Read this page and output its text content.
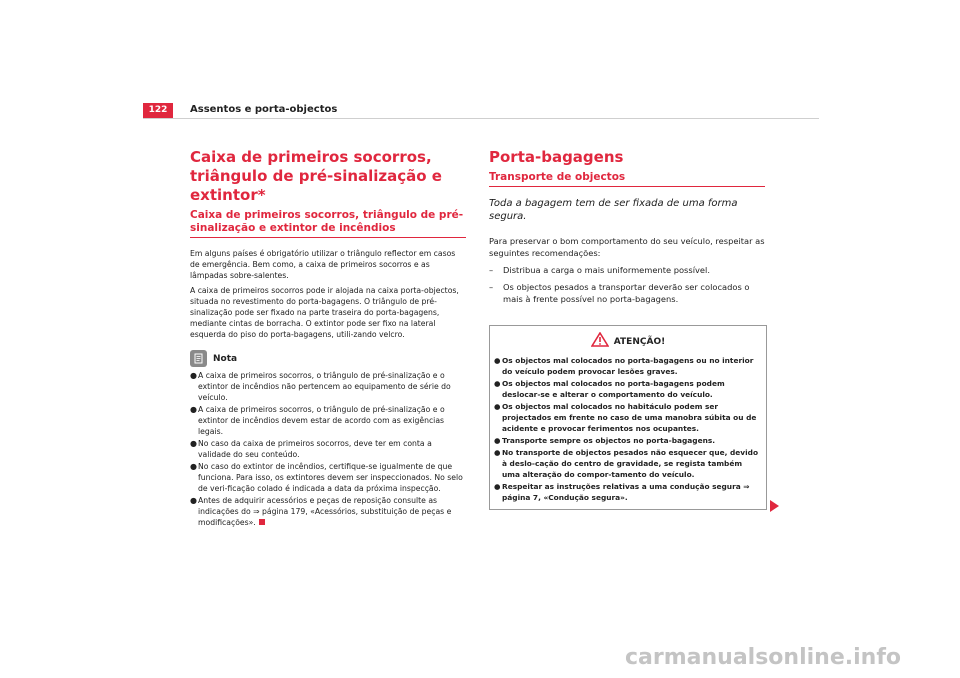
122	Assentos e porta-objectos
Caixa de primeiros socorros, triângulo de pré-sinalização e extintor*
Caixa de primeiros socorros, triângulo de pré-sinalização e extintor de incêndios

Em alguns países é obrigatório utilizar o triângulo reflector em casos de emergência. Bem como, a caixa de primeiros socorros e as lâmpadas sobre-salentes.

A caixa de primeiros socorros pode ir alojada na caixa porta-objectos, situada no revestimento do porta-bagagens. O triângulo de pré-sinalização pode ser fixado na parte traseira do porta-bagagens, mediante cintas de borracha. O extintor pode ser fixo na lateral esquerda do piso do porta-bagagens, utili-zando velcro.

Nota
● A caixa de primeiros socorros, o triângulo de pré-sinalização e o extintor de incêndios não pertencem ao equipamento de série do veículo.
● A caixa de primeiros socorros, o triângulo de pré-sinalização e o extintor de incêndios devem estar de acordo com as exigências legais.
● No caso da caixa de primeiros socorros, deve ter em conta a validade do seu conteúdo.
● No caso do extintor de incêndios, certifique-se igualmente de que funciona. Para isso, os extintores devem ser inspeccionados. No selo de veri-ficação colado é indicada a data da próxima inspecção.
● Antes de adquirir acessórios e peças de reposição consulte as indicações do ⇒ página 179, «Acessórios, substituição de peças e modificações».
Porta-bagagens
Transporte de objectos
Toda a bagagem tem de ser fixada de uma forma segura.

Para preservar o bom comportamento do seu veículo, respeitar as seguintes recomendações:

–	Distribua a carga o mais uniformemente possível.
–	Os objectos pesados a transportar deverão ser colocados o mais à frente possível no porta-bagagens.
ATENÇÃO!
● Os objectos mal colocados no porta-bagagens ou no interior do veículo podem provocar lesões graves.
● Os objectos mal colocados no porta-bagagens podem deslocar-se e alterar o comportamento do veículo.
● Os objectos mal colocados no habitáculo podem ser projectados em frente no caso de uma manobra súbita ou de acidente e provocar ferimentos nos ocupantes.
● Transporte sempre os objectos no porta-bagagens.
● No transporte de objectos pesados não esquecer que, devido à deslo-cação do centro de gravidade, se regista também uma alteração do compor-tamento do veículo.
● Respeitar as instruções relativas a uma condução segura ⇒ página 7, «Condução segura».
carmanualsonline.info
